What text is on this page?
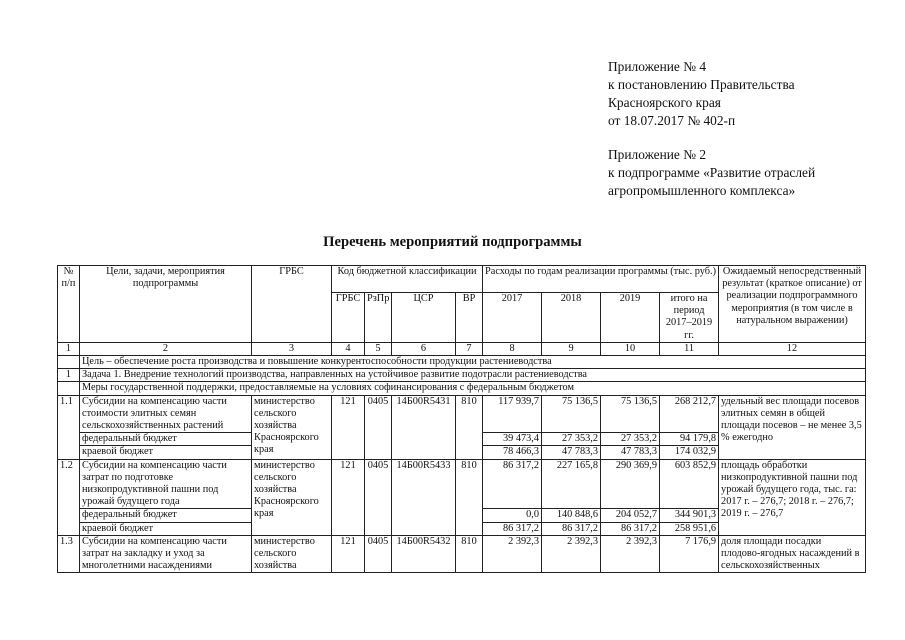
Приложение № 4
к постановлению Правительства
Красноярского края
от 18.07.2017 № 402-п
Приложение № 2
к подпрограмме «Развитие отраслей
агропромышленного комплекса»
Перечень мероприятий подпрограммы
№ п/п	Цели, задачи, мероприятия подпрограммы	ГРБС	Код бюджетной классификации				Расходы по годам реализации программы (тыс. руб.)				Ожидаемый непосредственный результат (краткое описание) от реализации подпрограммного мероприятия (в том числе в натуральном выражении)
			ГРБС	РзПр	ЦСР	ВР	2017	2018	2019	итого на период 2017–2019 гг.	
1	2	3	4	5	6	7	8	9	10	11	12
	Цель – обеспечение роста производства и повышение конкурентоспособности продукции растениеводства										
1	Задача 1. Внедрение технологий производства, направленных на устойчивое развитие подотрасли растениеводства										
	Меры государственной поддержки, предоставляемые на условиях софинансирования с федеральным бюджетом										
1.1	Субсидии на компенсацию части стоимости элитных семян сельскохозяйственных растений	министерство сельского хозяйства Красноярского края	121	0405	14Б00R5431	810	117 939,7	75 136,5	75 136,5	268 212,7	удельный вес площади посевов элитных семян в общей площади посевов – не менее 3,5 % ежегодно
	федеральный бюджет						39 473,4	27 353,2	27 353,2	94 179,8	
	краевой бюджет						78 466,3	47 783,3	47 783,3	174 032,9	
1.2	Субсидии на компенсацию части затрат по подготовке низкопродуктивной пашни под урожай будущего года	министерство сельского хозяйства Красноярского края	121	0405	14Б00R5433	810	86 317,2	227 165,8	290 369,9	603 852,9	площадь обработки низкопродуктивной пашни под урожай будущего года, тыс. га: 2017 г. – 276,7; 2018 г. – 276,7; 2019 г. – 276,7
	федеральный бюджет						0,0	140 848,6	204 052,7	344 901,3	
	краевой бюджет						86 317,2	86 317,2	86 317,2	258 951,6	
1.3	Субсидии на компенсацию части затрат на закладку и уход за многолетними насаждениями	министерство сельского хозяйства	121	0405	14Б00R5432	810	2 392,3	2 392,3	2 392,3	7 176,9	доля площади посадки плодово-ягодных насаждений в сельскохозяйственных
